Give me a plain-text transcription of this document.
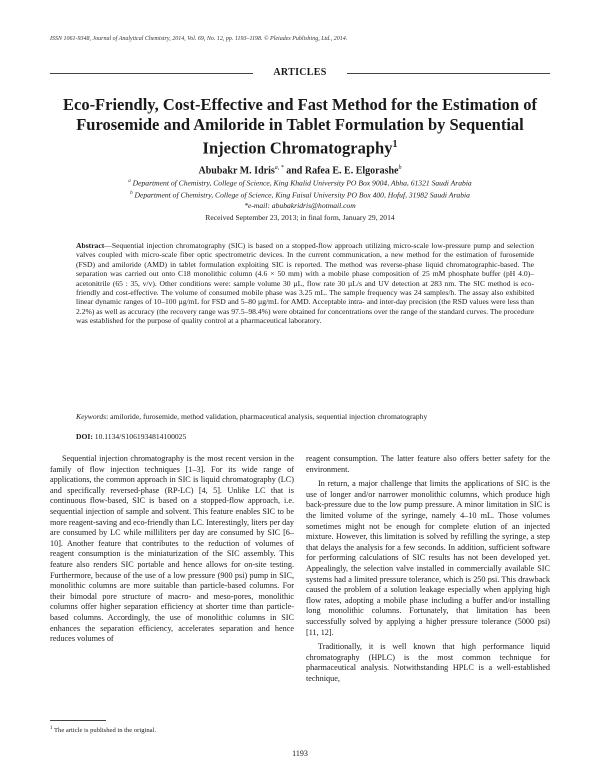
ISSN 1061-9348, Journal of Analytical Chemistry, 2014, Vol. 69, No. 12, pp. 1193–1198. © Pleiades Publishing, Ltd., 2014.
ARTICLES
Eco-Friendly, Cost-Effective and Fast Method for the Estimation of Furosemide and Amiloride in Tablet Formulation by Sequential Injection Chromatography$^1$
Abubakr M. Idris$^{a, *}$ and Rafea E. E. Elgorashe$^b$
$^a$ Department of Chemistry, College of Science, King Khalid University PO Box 9004, Abha, 61321 Saudi Arabia
$^b$ Department of Chemistry, College of Science, King Faisal University PO Box 400, Hofuf, 31982 Saudi Arabia
*e-mail: abubakridris@hotmail.com
Received September 23, 2013; in final form, January 29, 2014

Abstract—Sequential injection chromatography (SIC) is based on a stopped-flow approach utilizing micro-scale low-pressure pump and selection valves coupled with micro-scale fiber optic spectrometric devices. In the current communication, a new method for the estimation of furosemide (FSD) and amiloride (AMD) in tablet formulation exploiting SIC is reported. The method was reverse-phase liquid chromatographic-based. The separation was carried out onto C18 monolithic column (4.6 × 50 mm) with a mobile phase composition of 25 mM phosphate buffer (pH 4.0)–acetonitrile (65 : 35, v/v). Other conditions were: sample volume 30 µL, flow rate 30 µL/s and UV detection at 283 nm. The SIC method is eco-friendly and cost-effective. The volume of consumed mobile phase was 3.25 mL. The sample frequency was 24 samples/h. The assay also exhibited linear dynamic ranges of 10–100 µg/mL for FSD and 5–80 µg/mL for AMD. Acceptable intra- and inter-day precision (the RSD values were less than 2.2%) as well as accuracy (the recovery range was 97.5–98.4%) were obtained for concentrations over the range of the standard curves. The procedure was established for the purpose of quality control at a pharmaceutical laboratory.

Keywords: amiloride, furosemide, method validation, pharmaceutical analysis, sequential injection chromatography
DOI: 10.1134/S1061934814100025

Sequential injection chromatography is the most recent version in the family of flow injection techniques [1–3]. For its wide range of applications, the common approach in SIC is liquid chromatography (LC) and specifically reversed-phase (RP-LC) [4, 5]. Unlike LC that is continuous flow-based, SIC is based on a stopped-flow approach, i.e. sequential injection of sample and solvent. This feature enables SIC to be more reagent-saving and eco-friendly than LC. Interestingly, liters per day are consumed by LC while milliliters per day are consumed by SIC [6–10]. Another feature that contributes to the reduction of volumes of reagent consumption is the miniaturization of the SIC assembly. This feature also renders SIC portable and hence allows for on-site testing. Furthermore, because of the use of a low pressure (900 psi) pump in SIC, monolithic columns are more suitable than particle-based columns. For their bimodal pore structure of macro- and meso-pores, monolithic columns offer higher separation efficiency at shorter time than particle-based columns. Accordingly, the use of monolithic columns in SIC enhances the separation efficiency, accelerates separation and hence reduces volumes of

reagent consumption. The latter feature also offers better safety for the environment.

In return, a major challenge that limits the applications of SIC is the use of longer and/or narrower monolithic columns, which produce high back-pressure due to the low pump pressure. A minor limitation in SIC is the limited volume of the syringe, namely 4–10 mL. Those volumes sometimes might not be enough for complete elution of an injected mixture. However, this limitation is solved by refilling the syringe, a step that delays the analysis for a few seconds. In addition, sufficient software for performing calculations of SIC results has not been developed yet. Appealingly, the selection valve installed in commercially available SIC systems had a limited pressure tolerance, which is 250 psi. This drawback caused the problem of a solution leakage especially when applying high flow rates, adopting a mobile phase including a buffer and/or installing long monolithic columns. Fortunately, that limitation has been successfully solved by applying a higher pressure tolerance (5000 psi) [11, 12].

Traditionally, it is well known that high performance liquid chromatography (HPLC) is the most common technique for pharmaceutical analysis. Notwithstanding HPLC is a well-established technique,

$^1$ The article is published in the original.
1193
